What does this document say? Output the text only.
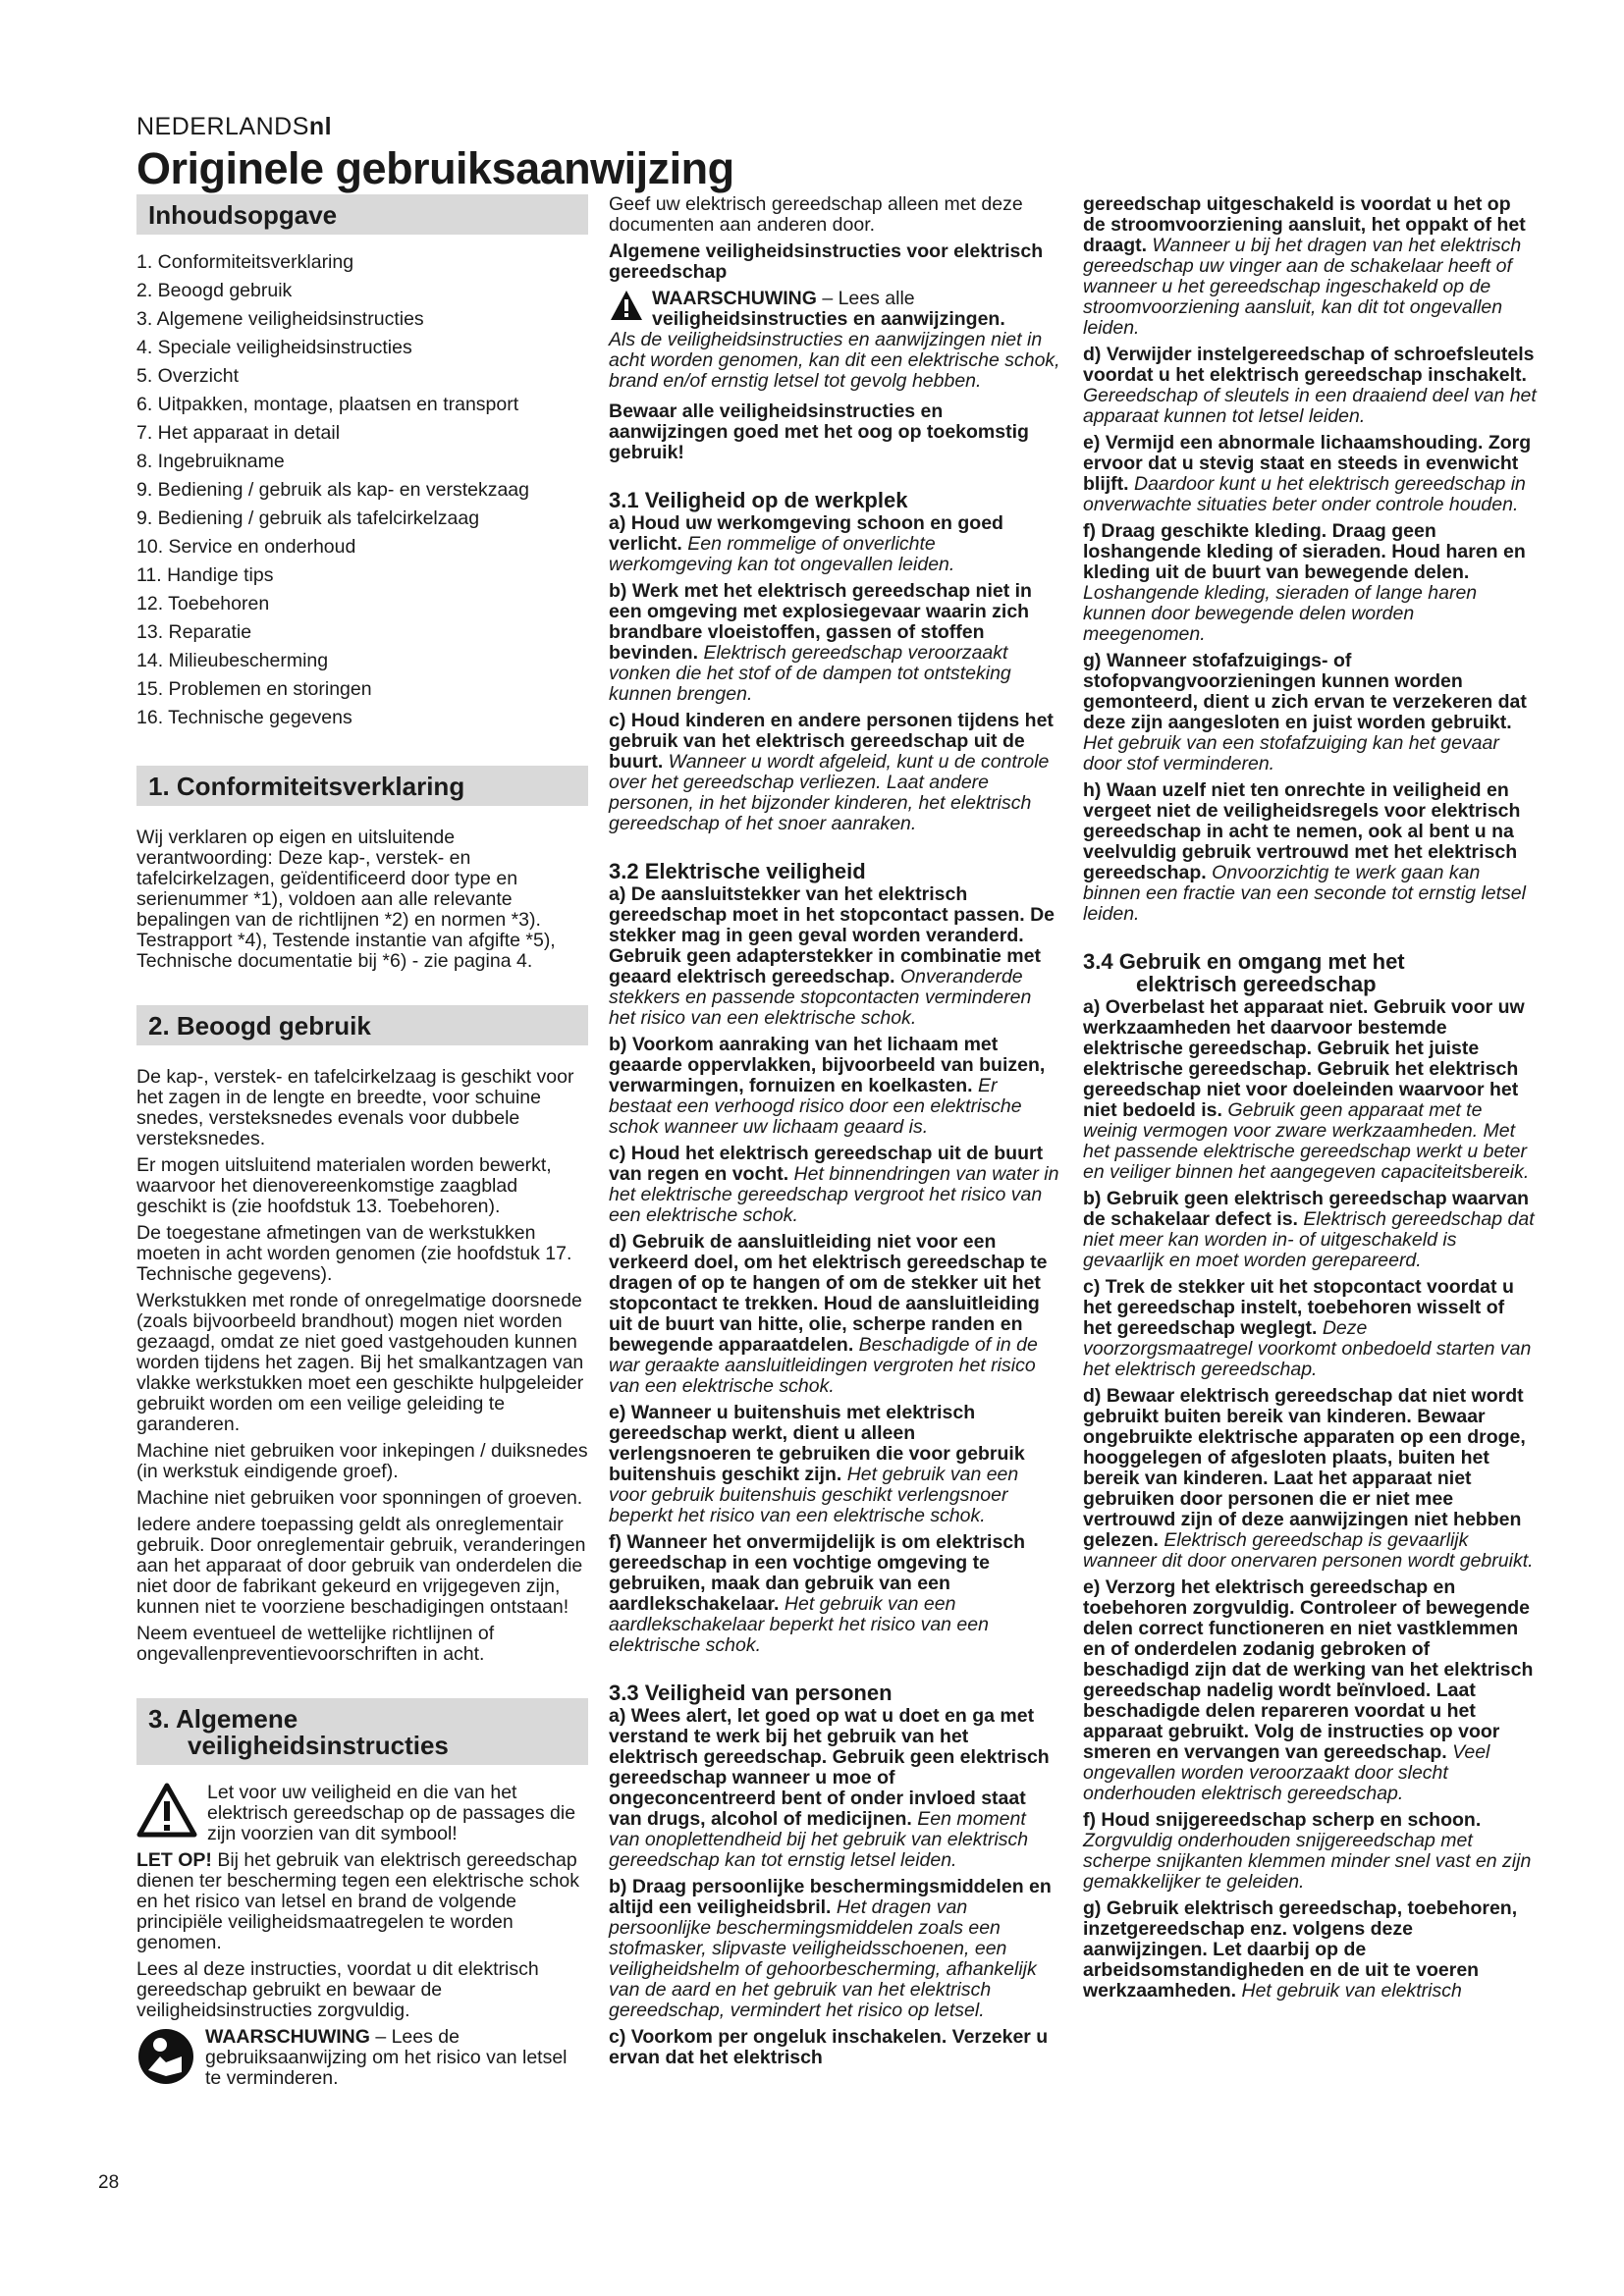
NEDERLANDSnl
Originele gebruiksaanwijzing
Inhoudsopgave
1. Conformiteitsverklaring
2. Beoogd gebruik
3. Algemene veiligheidsinstructies
4. Speciale veiligheidsinstructies
5. Overzicht
6. Uitpakken, montage, plaatsen en transport
7. Het apparaat in detail
8. Ingebruikname
9. Bediening / gebruik als kap- en verstekzaag
9. Bediening / gebruik als tafelcirkelzaag
10. Service en onderhoud
11. Handige tips
12. Toebehoren
13. Reparatie
14. Milieubescherming
15. Problemen en storingen
16. Technische gegevens
1. Conformiteitsverklaring

Wij verklaren op eigen en uitsluitende verantwoording: Deze kap-, verstek- en tafelcirkelzagen, geïdentificeerd door type en serienummer *1), voldoen aan alle relevante bepalingen van de richtlijnen *2) en normen *3). Testrapport *4), Testende instantie van afgifte *5), Technische documentatie bij *6) - zie pagina 4.

2. Beoogd gebruik

De kap-, verstek- en tafelcirkelzaag is geschikt voor het zagen in de lengte en breedte, voor schuine snedes, versteksnedes evenals voor dubbele versteksnedes.

Er mogen uitsluitend materialen worden bewerkt, waarvoor het dienovereenkomstige zaagblad geschikt is (zie hoofdstuk 13. Toebehoren).

De toegestane afmetingen van de werkstukken moeten in acht worden genomen (zie hoofdstuk 17. Technische gegevens).

Werkstukken met ronde of onregelmatige doorsnede (zoals bijvoorbeeld brandhout) mogen niet worden gezaagd, omdat ze niet goed vastgehouden kunnen worden tijdens het zagen. Bij het smalkantzagen van vlakke werkstukken moet een geschikte hulpgeleider gebruikt worden om een veilige geleiding te garanderen.

Machine niet gebruiken voor inkepingen / duiksnedes (in werkstuk eindigende groef).

Machine niet gebruiken voor sponningen of groeven.

Iedere andere toepassing geldt als onreglementair gebruik. Door onreglementair gebruik, veranderingen aan het apparaat of door gebruik van onderdelen die niet door de fabrikant gekeurd en vrijgegeven zijn, kunnen niet te voorziene beschadigingen ontstaan!

Neem eventueel de wettelijke richtlijnen of ongevallenpreventievoorschriften in acht.

3. Algemene
veiligheidsinstructies

Let voor uw veiligheid en die van het elektrisch gereedschap op de passages die zijn voorzien van dit symbool!

LET OP! Bij het gebruik van elektrisch gereedschap dienen ter bescherming tegen een elektrische schok en het risico van letsel en brand de volgende principiële veiligheidsmaatregelen te worden genomen.

Lees al deze instructies, voordat u dit elektrisch gereedschap gebruikt en bewaar de veiligheidsinstructies zorgvuldig.

WAARSCHUWING – Lees de gebruiksaanwijzing om het risico van letsel te verminderen.

Geef uw elektrisch gereedschap alleen met deze documenten aan anderen door.

Algemene veiligheidsinstructies voor elektrisch gereedschap

WAARSCHUWING – Lees alle veiligheidsinstructies en aanwijzingen.

Als de veiligheidsinstructies en aanwijzingen niet in acht worden genomen, kan dit een elektrische schok, brand en/of ernstig letsel tot gevolg hebben.

Bewaar alle veiligheidsinstructies en aanwijzingen goed met het oog op toekomstig gebruik!

3.1 Veiligheid op de werkplek

a) Houd uw werkomgeving schoon en goed verlicht. Een rommelige of onverlichte werkomgeving kan tot ongevallen leiden.

b) Werk met het elektrisch gereedschap niet in een omgeving met explosiegevaar waarin zich brandbare vloeistoffen, gassen of stoffen bevinden. Elektrisch gereedschap veroorzaakt vonken die het stof of de dampen tot ontsteking kunnen brengen.

c) Houd kinderen en andere personen tijdens het gebruik van het elektrisch gereedschap uit de buurt. Wanneer u wordt afgeleid, kunt u de controle over het gereedschap verliezen. Laat andere personen, in het bijzonder kinderen, het elektrisch gereedschap of het snoer aanraken.

3.2 Elektrische veiligheid

a) De aansluitstekker van het elektrisch gereedschap moet in het stopcontact passen. De stekker mag in geen geval worden veranderd. Gebruik geen adapterstekker in combinatie met geaard elektrisch gereedschap. Onveranderde stekkers en passende stopcontacten verminderen het risico van een elektrische schok.

b) Voorkom aanraking van het lichaam met geaarde oppervlakken, bijvoorbeeld van buizen, verwarmingen, fornuizen en koelkasten. Er bestaat een verhoogd risico door een elektrische schok wanneer uw lichaam geaard is.

c) Houd het elektrisch gereedschap uit de buurt van regen en vocht. Het binnendringen van water in het elektrische gereedschap vergroot het risico van een elektrische schok.

d) Gebruik de aansluitleiding niet voor een verkeerd doel, om het elektrisch gereedschap te dragen of op te hangen of om de stekker uit het stopcontact te trekken. Houd de aansluitleiding uit de buurt van hitte, olie, scherpe randen en bewegende apparaatdelen. Beschadigde of in de war geraakte aansluitleidingen vergroten het risico van een elektrische schok.

e) Wanneer u buitenshuis met elektrisch gereedschap werkt, dient u alleen verlengsnoeren te gebruiken die voor gebruik buitenshuis geschikt zijn. Het gebruik van een voor gebruik buitenshuis geschikt verlengsnoer beperkt het risico van een elektrische schok.

f) Wanneer het onvermijdelijk is om elektrisch gereedschap in een vochtige omgeving te gebruiken, maak dan gebruik van een aardlekschakelaar. Het gebruik van een aardlekschakelaar beperkt het risico van een elektrische schok.

3.3 Veiligheid van personen

a) Wees alert, let goed op wat u doet en ga met verstand te werk bij het gebruik van het elektrisch gereedschap. Gebruik geen elektrisch gereedschap wanneer u moe of ongeconcentreerd bent of onder invloed staat van drugs, alcohol of medicijnen. Een moment van onoplettendheid bij het gebruik van elektrisch gereedschap kan tot ernstig letsel leiden.

b) Draag persoonlijke beschermingsmiddelen en altijd een veiligheidsbril. Het dragen van persoonlijke beschermingsmiddelen zoals een stofmasker, slipvaste veiligheidsschoenen, een veiligheidshelm of gehoorbescherming, afhankelijk van de aard en het gebruik van het elektrisch gereedschap, vermindert het risico op letsel.

c) Voorkom per ongeluk inschakelen. Verzeker u ervan dat het elektrisch

gereedschap uitgeschakeld is voordat u het op de stroomvoorziening aansluit, het oppakt of het draagt. Wanneer u bij het dragen van het elektrisch gereedschap uw vinger aan de schakelaar heeft of wanneer u het gereedschap ingeschakeld op de stroomvoorziening aansluit, kan dit tot ongevallen leiden.

d) Verwijder instelgereedschap of schroefsleutels voordat u het elektrisch gereedschap inschakelt. Gereedschap of sleutels in een draaiend deel van het apparaat kunnen tot letsel leiden.

e) Vermijd een abnormale lichaamshouding. Zorg ervoor dat u stevig staat en steeds in evenwicht blijft. Daardoor kunt u het elektrisch gereedschap in onverwachte situaties beter onder controle houden.

f) Draag geschikte kleding. Draag geen loshangende kleding of sieraden. Houd haren en kleding uit de buurt van bewegende delen. Loshangende kleding, sieraden of lange haren kunnen door bewegende delen worden meegenomen.

g) Wanneer stofafzuigings- of stofopvangvoorzieningen kunnen worden gemonteerd, dient u zich ervan te verzekeren dat deze zijn aangesloten en juist worden gebruikt. Het gebruik van een stofafzuiging kan het gevaar door stof verminderen.

h) Waan uzelf niet ten onrechte in veiligheid en vergeet niet de veiligheidsregels voor elektrisch gereedschap in acht te nemen, ook al bent u na veelvuldig gebruik vertrouwd met het elektrisch gereedschap. Onvoorzichtig te werk gaan kan binnen een fractie van een seconde tot ernstig letsel leiden.

3.4 Gebruik en omgang met het
elektrisch gereedschap

a) Overbelast het apparaat niet. Gebruik voor uw werkzaamheden het daarvoor bestemde elektrische gereedschap. Gebruik het juiste elektrische gereedschap. Gebruik het elektrisch gereedschap niet voor doeleinden waarvoor het niet bedoeld is. Gebruik geen apparaat met te weinig vermogen voor zware werkzaamheden. Met het passende elektrische gereedschap werkt u beter en veiliger binnen het aangegeven capaciteitsbereik.

b) Gebruik geen elektrisch gereedschap waarvan de schakelaar defect is. Elektrisch gereedschap dat niet meer kan worden in- of uitgeschakeld is gevaarlijk en moet worden gerepareerd.

c) Trek de stekker uit het stopcontact voordat u het gereedschap instelt, toebehoren wisselt of het gereedschap weglegt. Deze voorzorgsmaatregel voorkomt onbedoeld starten van het elektrisch gereedschap.

d) Bewaar elektrisch gereedschap dat niet wordt gebruikt buiten bereik van kinderen. Bewaar ongebruikte elektrische apparaten op een droge, hooggelegen of afgesloten plaats, buiten het bereik van kinderen. Laat het apparaat niet gebruiken door personen die er niet mee vertrouwd zijn of deze aanwijzingen niet hebben gelezen. Elektrisch gereedschap is gevaarlijk wanneer dit door onervaren personen wordt gebruikt.

e) Verzorg het elektrisch gereedschap en toebehoren zorgvuldig. Controleer of bewegende delen correct functioneren en niet vastklemmen en of onderdelen zodanig gebroken of beschadigd zijn dat de werking van het elektrisch gereedschap nadelig wordt beïnvloed. Laat beschadigde delen repareren voordat u het apparaat gebruikt. Volg de instructies op voor smeren en vervangen van gereedschap. Veel ongevallen worden veroorzaakt door slecht onderhouden elektrisch gereedschap.

f) Houd snijgereedschap scherp en schoon. Zorgvuldig onderhouden snijgereedschap met scherpe snijkanten klemmen minder snel vast en zijn gemakkelijker te geleiden.

g) Gebruik elektrisch gereedschap, toebehoren, inzetgereedschap enz. volgens deze aanwijzingen. Let daarbij op de arbeidsomstandigheden en de uit te voeren werkzaamheden. Het gebruik van elektrisch

28
